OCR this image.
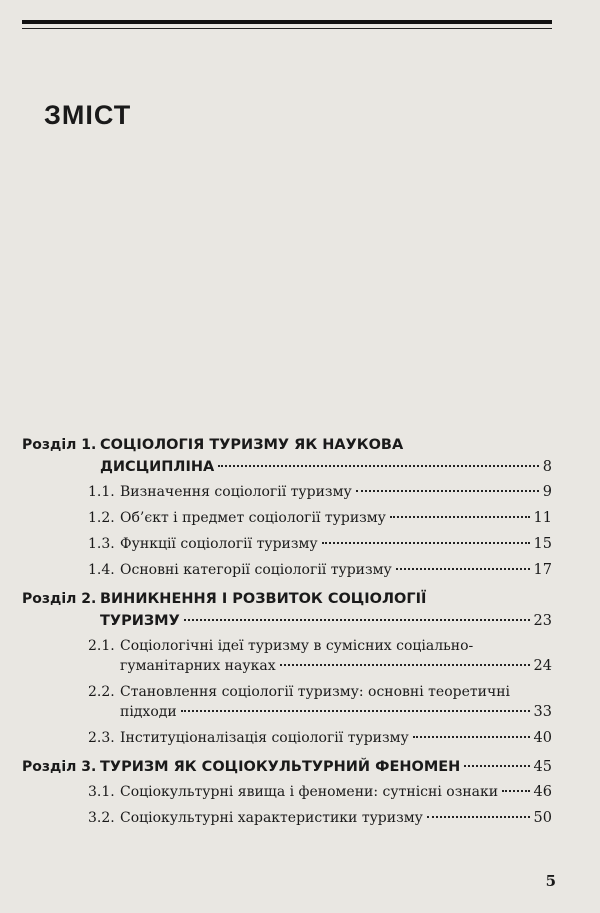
ЗМІСТ
Розділ 1. СОЦІОЛОГІЯ ТУРИЗМУ ЯК НАУКОВА
ДИСЦИПЛІНА	8
1.1. Визначення соціології туризму	9
1.2. Об’єкт і предмет соціології туризму	11
1.3. Функції соціології туризму	15
1.4. Основні категорії соціології туризму	17
Розділ 2. ВИНИКНЕННЯ І РОЗВИТОК СОЦІОЛОГІЇ
ТУРИЗМУ	23
2.1. Соціологічні ідеї туризму в сумісних соціально-
гуманітарних науках	24
2.2. Становлення соціології туризму: основні теоретичні
підходи	33
2.3. Інституціоналізація соціології туризму	40
Розділ 3. ТУРИЗМ ЯК СОЦІОКУЛЬТУРНИЙ ФЕНОМЕН	45
3.1. Соціокультурні явища і феномени: сутнісні ознаки 46
3.2. Соціокультурні характеристики туризму	50
5
